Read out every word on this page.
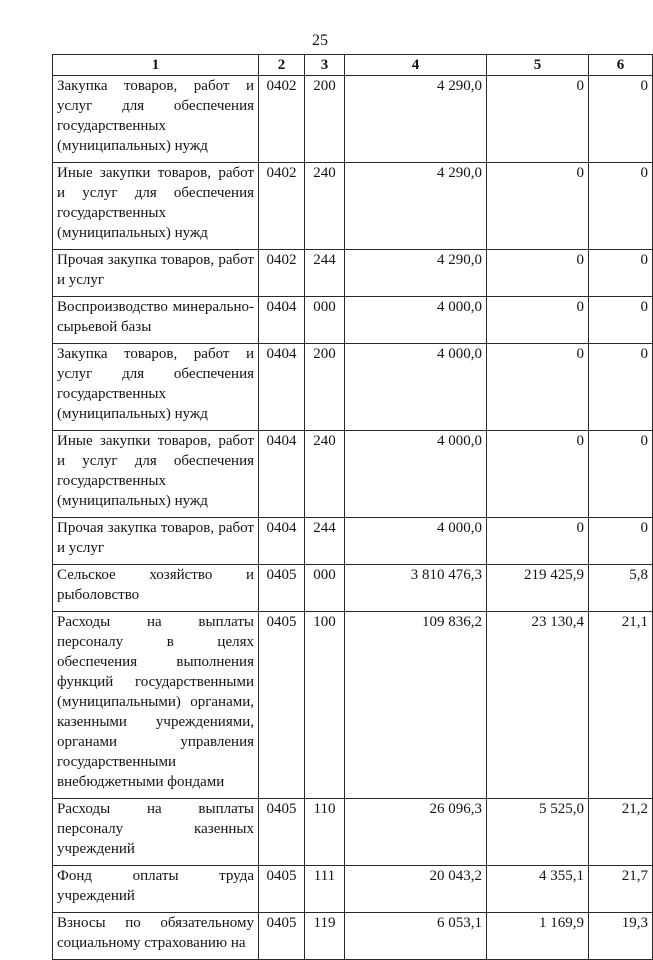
25
1	2	3	4	5	6
Закупка товаров, работ и услуг для обеспечения государственных (муниципальных) нужд	0402	200	4 290,0	0	0
Иные закупки товаров, работ и услуг для обеспечения государственных (муниципальных) нужд	0402	240	4 290,0	0	0
Прочая закупка товаров, работ и услуг	0402	244	4 290,0	0	0
Воспроизводство минерально-сырьевой базы	0404	000	4 000,0	0	0
Закупка товаров, работ и услуг для обеспечения государственных (муниципальных) нужд	0404	200	4 000,0	0	0
Иные закупки товаров, работ и услуг для обеспечения государственных (муниципальных) нужд	0404	240	4 000,0	0	0
Прочая закупка товаров, работ и услуг	0404	244	4 000,0	0	0
Сельское хозяйство и рыболовство	0405	000	3 810 476,3	219 425,9	5,8
Расходы на выплаты персоналу в целях обеспечения выполнения функций государственными (муниципальными) органами, казенными учреждениями, органами управления государственными внебюджетными фондами	0405	100	109 836,2	23 130,4	21,1
Расходы на выплаты персоналу казенных учреждений	0405	110	26 096,3	5 525,0	21,2
Фонд оплаты труда учреждений	0405	111	20 043,2	4 355,1	21,7
Взносы по обязательному социальному страхованию на	0405	119	6 053,1	1 169,9	19,3
